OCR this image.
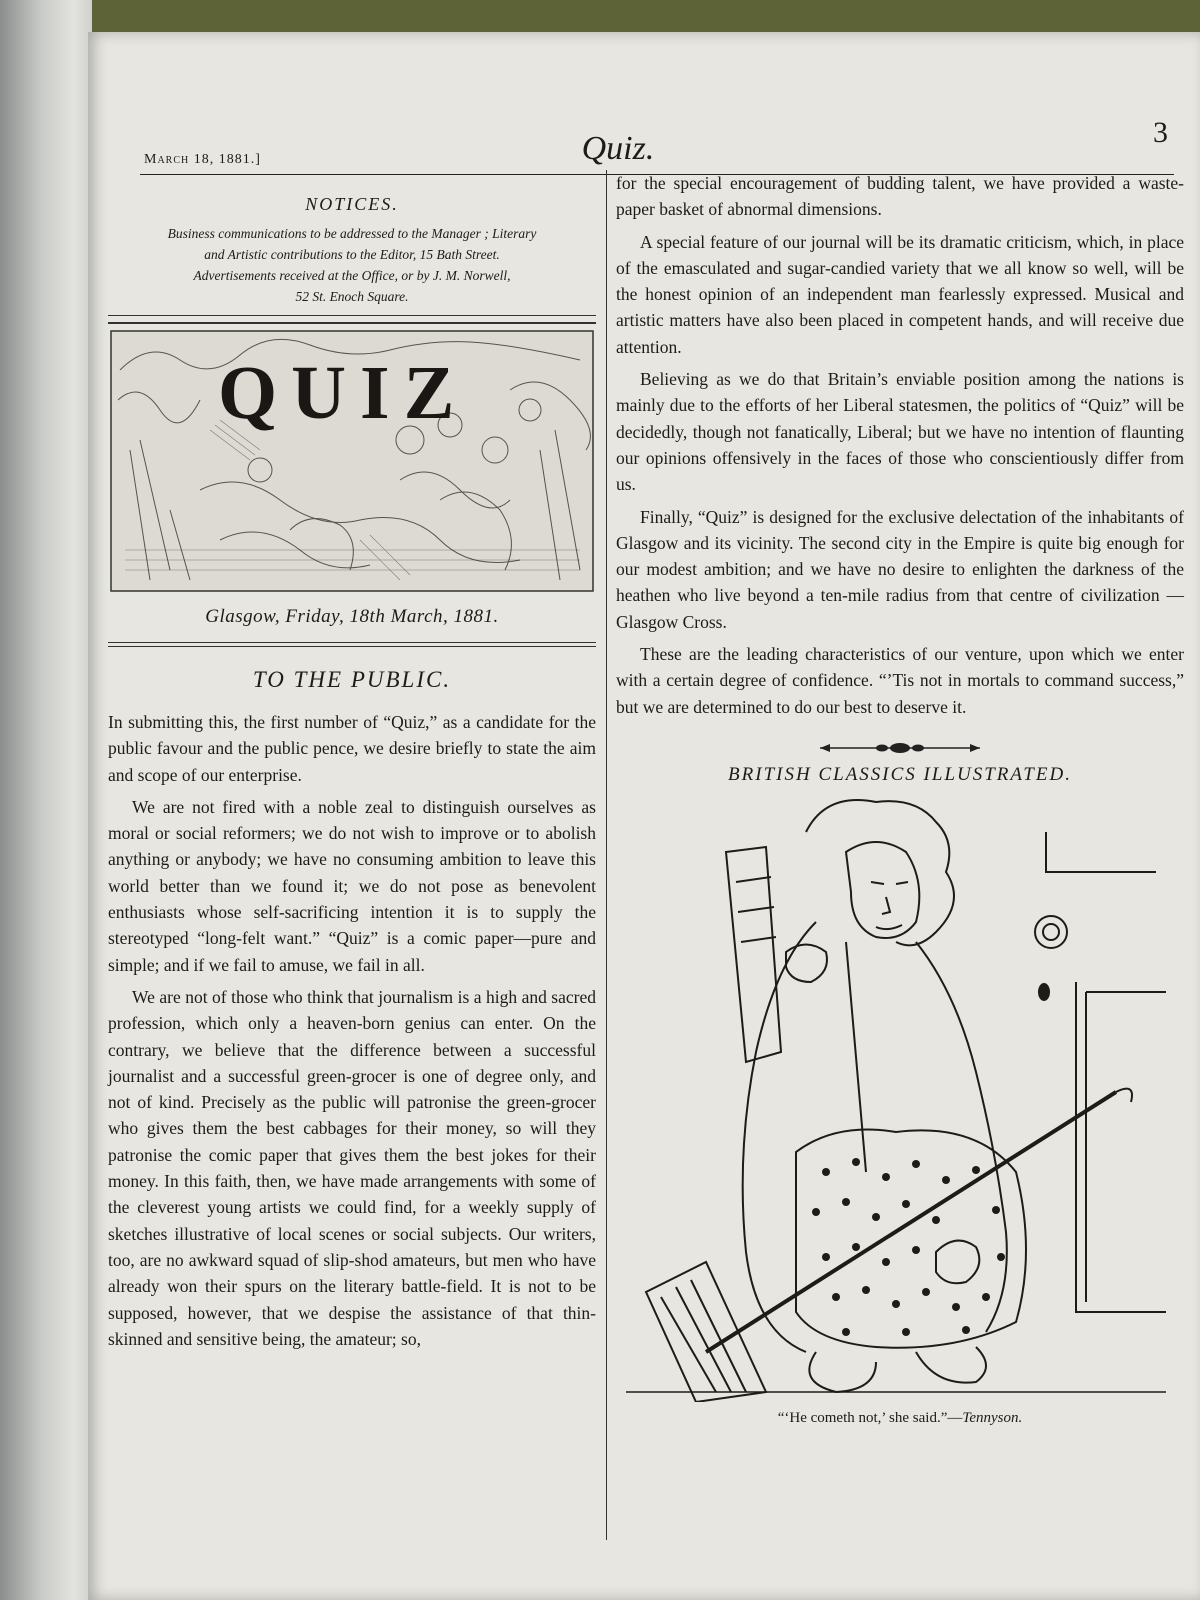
March 18, 1881.]	Quiz.	3
NOTICES.

Business communications to be addressed to the Manager ; Literary

and Artistic contributions to the Editor, 15 Bath Street.

Advertisements received at the Office, or by J. M. Norwell,

52 St. Enoch Square.

QUIZ
Glasgow, Friday, 18th March, 1881.
TO THE PUBLIC.

In submitting this, the first number of “Quiz,” as a candidate for the public favour and the public pence, we desire briefly to state the aim and scope of our enterprise.

We are not fired with a noble zeal to distinguish ourselves as moral or social reformers; we do not wish to improve or to abolish anything or anybody; we have no consuming ambition to leave this world better than we found it; we do not pose as benevolent enthusiasts whose self-sacrificing intention it is to supply the stereotyped “long-felt want.” “Quiz” is a comic paper—pure and simple; and if we fail to amuse, we fail in all.

We are not of those who think that journalism is a high and sacred profession, which only a heaven-born genius can enter. On the contrary, we believe that the difference between a successful journalist and a successful green-grocer is one of degree only, and not of kind. Precisely as the public will patronise the green-grocer who gives them the best cabbages for their money, so will they patronise the comic paper that gives them the best jokes for their money. In this faith, then, we have made arrangements with some of the cleverest young artists we could find, for a weekly supply of sketches illustrative of local scenes or social subjects. Our writers, too, are no awkward squad of slip-shod amateurs, but men who have already won their spurs on the literary battle-field. It is not to be supposed, however, that we despise the assistance of that thin-skinned and sensitive being, the amateur; so,

for the special encouragement of budding talent, we have provided a waste-paper basket of abnormal dimensions.

A special feature of our journal will be its dramatic criticism, which, in place of the emasculated and sugar-candied variety that we all know so well, will be the honest opinion of an independent man fearlessly expressed. Musical and artistic matters have also been placed in competent hands, and will receive due attention.

Believing as we do that Britain’s enviable position among the nations is mainly due to the efforts of her Liberal statesmen, the politics of “Quiz” will be decidedly, though not fanatically, Liberal; but we have no intention of flaunting our opinions offensively in the faces of those who conscientiously differ from us.

Finally, “Quiz” is designed for the exclusive delectation of the inhabitants of Glasgow and its vicinity. The second city in the Empire is quite big enough for our modest ambition; and we have no desire to enlighten the darkness of the heathen who live beyond a ten-mile radius from that centre of civilization —Glasgow Cross.

These are the leading characteristics of our venture, upon which we enter with a certain degree of confidence. “’Tis not in mortals to command success,” but we are determined to do our best to deserve it.

BRITISH CLASSICS ILLUSTRATED.
“‘He cometh not,’ she said.”—Tennyson.
